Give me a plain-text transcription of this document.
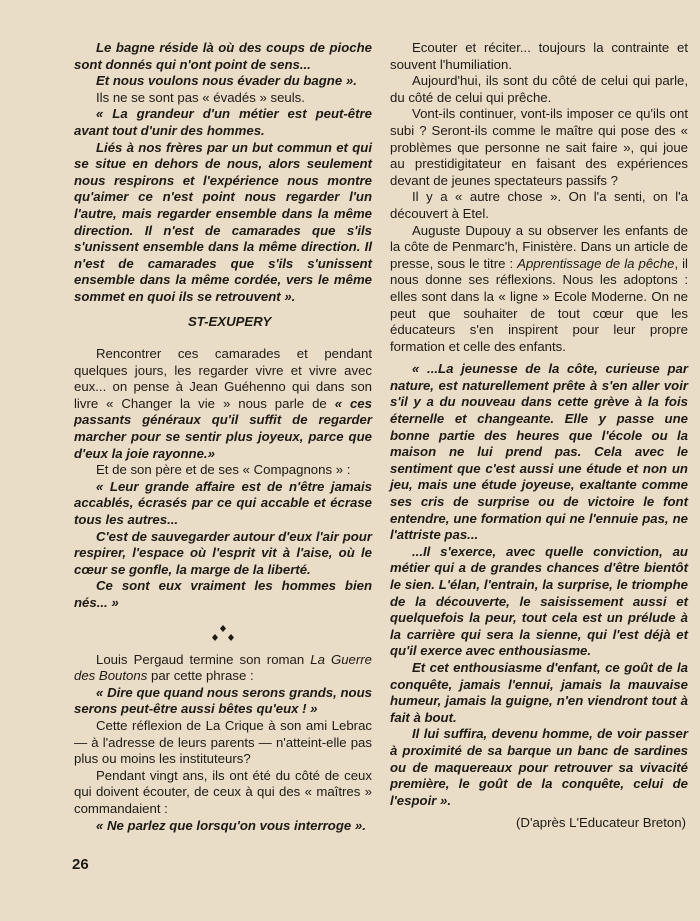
Le bagne réside là où des coups de pioche sont donnés qui n'ont point de sens...

Et nous voulons nous évader du bagne ».

Ils ne se sont pas « évadés » seuls.

« La grandeur d'un métier est peut-être avant tout d'unir des hommes.

Liés à nos frères par un but commun et qui se situe en dehors de nous, alors seulement nous respirons et l'expérience nous montre qu'aimer ce n'est point nous regarder l'un l'autre, mais regarder ensemble dans la même direction. Il n'est de camarades que s'ils s'unissent ensemble dans la même direction. Il n'est de camarades que s'ils s'unissent ensemble dans la même cordée, vers le même sommet en quoi ils se retrouvent ».

ST-EXUPERY

Rencontrer ces camarades et pendant quelques jours, les regarder vivre et vivre avec eux... on pense à Jean Guéhenno qui dans son livre « Changer la vie » nous parle de « ces passants généraux qu'il suffit de regarder marcher pour se sentir plus joyeux, parce que d'eux la joie rayonne.»

Et de son père et de ses « Compagnons » :

« Leur grande affaire est de n'être jamais accablés, écrasés par ce qui accable et écrase tous les autres...

C'est de sauvegarder autour d'eux l'air pour respirer, l'espace où l'esprit vit à l'aise, où le cœur se gonfle, la marge de la liberté.

Ce sont eux vraiment les hommes bien nés... »

Louis Pergaud termine son roman La Guerre des Boutons par cette phrase :

« Dire que quand nous serons grands, nous serons peut-être aussi bêtes qu'eux ! »

Cette réflexion de La Crique à son ami Lebrac — à l'adresse de leurs parents — n'atteint-elle pas plus ou moins les instituteurs?

Pendant vingt ans, ils ont été du côté de ceux qui doivent écouter, de ceux à qui des « maîtres » commandaient :

« Ne parlez que lorsqu'on vous interroge ».

Ecouter et réciter... toujours la contrainte et souvent l'humiliation.

Aujourd'hui, ils sont du côté de celui qui parle, du côté de celui qui prêche.

Vont-ils continuer, vont-ils imposer ce qu'ils ont subi ? Seront-ils comme le maître qui pose des « problèmes que personne ne sait faire », qui joue au prestidigitateur en faisant des expériences devant de jeunes spectateurs passifs ?

Il y a « autre chose ». On l'a senti, on l'a découvert à Etel.

Auguste Dupouy a su observer les enfants de la côte de Penmarc'h, Finistère. Dans un article de presse, sous le titre : Apprentissage de la pêche, il nous donne ses réflexions. Nous les adoptons : elles sont dans la « ligne » Ecole Moderne. On ne peut que souhaiter de tout cœur que les éducateurs s'en inspirent pour leur propre formation et celle des enfants.

« ...La jeunesse de la côte, curieuse par nature, est naturellement prête à s'en aller voir s'il y a du nouveau dans cette grève à la fois éternelle et changeante. Elle y passe une bonne partie des heures que l'école ou la maison ne lui prend pas. Cela avec le sentiment que c'est aussi une étude et non un jeu, mais une étude joyeuse, exaltante comme ses cris de surprise ou de victoire le font entendre, une formation qui ne l'ennuie pas, ne l'attriste pas...

...Il s'exerce, avec quelle conviction, au métier qui a de grandes chances d'être bientôt le sien. L'élan, l'entrain, la surprise, le triomphe de la découverte, le saisissement aussi et quelquefois la peur, tout cela est un prélude à la carrière qui sera la sienne, qui l'est déjà et qu'il exerce avec enthousiasme.

Et cet enthousiasme d'enfant, ce goût de la conquête, jamais l'ennui, jamais la mauvaise humeur, jamais la guigne, n'en viendront tout à fait à bout.

Il lui suffira, devenu homme, de voir passer à proximité de sa barque un banc de sardines ou de maquereaux pour retrouver sa vivacité première, le goût de la conquête, celui de l'espoir ».

(D'après L'Educateur Breton)

26
